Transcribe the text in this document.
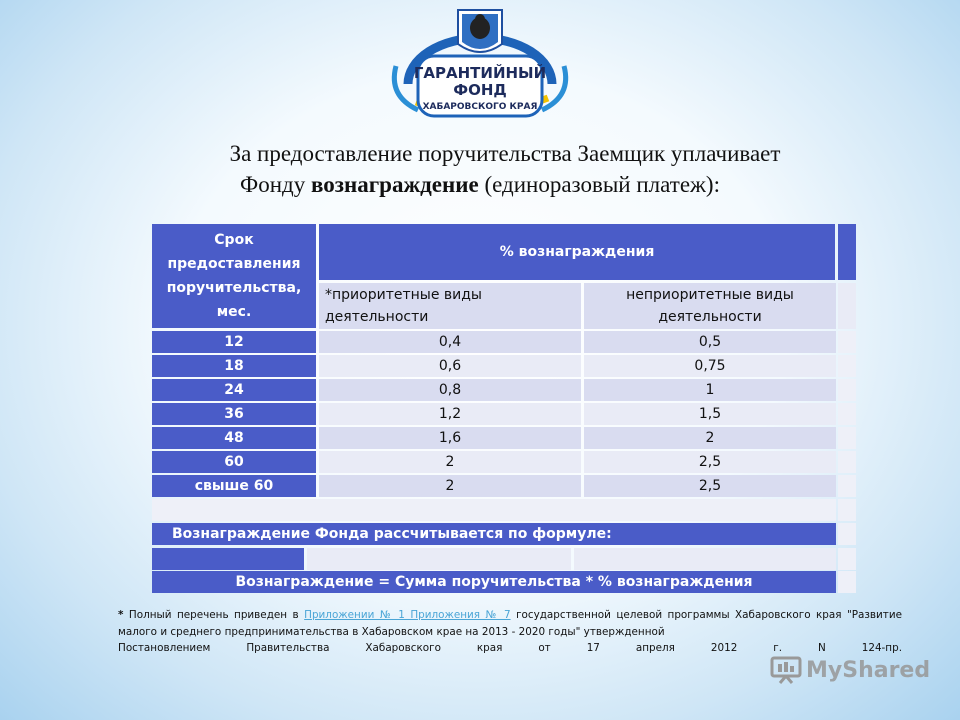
ГАРАНТИЙНЫЙ
ФОНД
ХАБАРОВСКОГО КРАЯ
За предоставление поручительства Заемщик уплачивает
Фонду вознаграждение (единоразовый платеж):
Срок предоставления поручительства, мес.
% вознаграждения
*приоритетные виды деятельности
неприоритетные виды деятельности
12	0,4	0,5
18	0,6	0,75
24	0,8	1
36	1,2	1,5
48	1,6	2
60	2	2,5
свыше 60	2	2,5
Вознаграждение Фонда рассчитывается по формуле:
Вознаграждение = Сумма поручительства * % вознаграждения
* Полный перечень приведен в Приложении № 1 Приложения № 7 государственной целевой программы Хабаровского края "Развитие малого и среднего предпринимательства в Хабаровском крае на 2013 - 2020 годы" утвержденной
Постановлением Правительства Хабаровского края от 17 апреля 2012 г. N 124-пр.
MyShared
